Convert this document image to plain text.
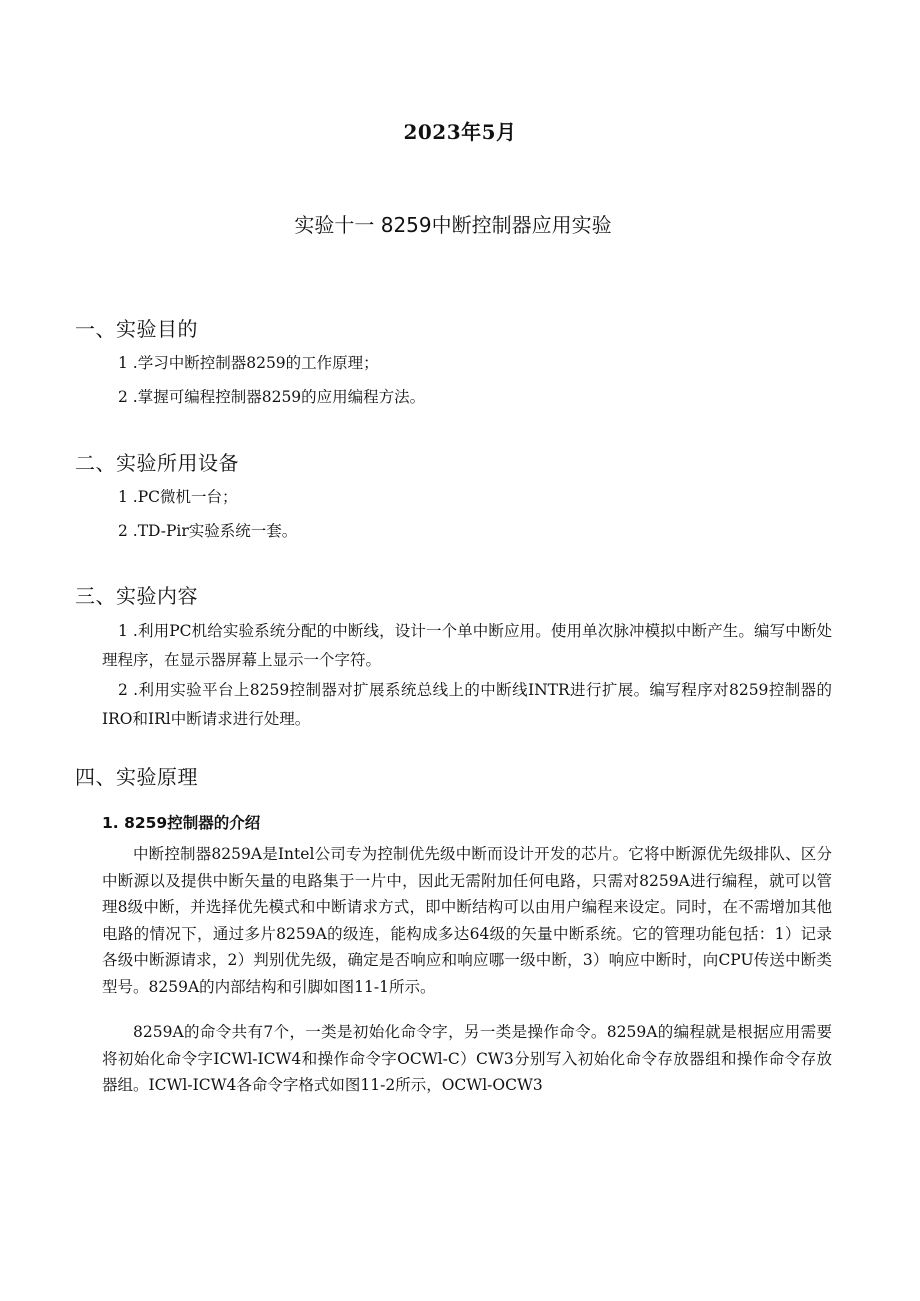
2023年5月
实验十一 8259中断控制器应用实验
一、实验目的
1 .学习中断控制器8259的工作原理；
2 .掌握可编程控制器8259的应用编程方法。
二、实验所用设备
1 .PC微机一台；
2 .TD-Pir实验系统一套。
三、实验内容
1 .利用PC机给实验系统分配的中断线，设计一个单中断应用。使用单次脉冲模拟中断产生。编写中断处理程序，在显示器屏幕上显示一个字符。
2 .利用实验平台上8259控制器对扩展系统总线上的中断线INTR进行扩展。编写程序对8259控制器的IRO和IRl中断请求进行处理。
四、实验原理
1. 8259控制器的介绍
中断控制器8259A是Intel公司专为控制优先级中断而设计开发的芯片。它将中断源优先级排队、区分中断源以及提供中断矢量的电路集于一片中，因此无需附加任何电路，只需对8259A进行编程，就可以管理8级中断，并选择优先模式和中断请求方式，即中断结构可以由用户编程来设定。同时，在不需增加其他电路的情况下，通过多片8259A的级连，能构成多达64级的矢量中断系统。它的管理功能包括：1）记录各级中断源请求，2）判别优先级，确定是否响应和响应哪一级中断，3）响应中断时，向CPU传送中断类型号。8259A的内部结构和引脚如图11-1所示。
8259A的命令共有7个，一类是初始化命令字，另一类是操作命令。8259A的编程就是根据应用需要将初始化命令字ICWl-ICW4和操作命令字OCWl-C）CW3分别写入初始化命令存放器组和操作命令存放器组。ICWl-ICW4各命令字格式如图11-2所示，OCWl-OCW3
